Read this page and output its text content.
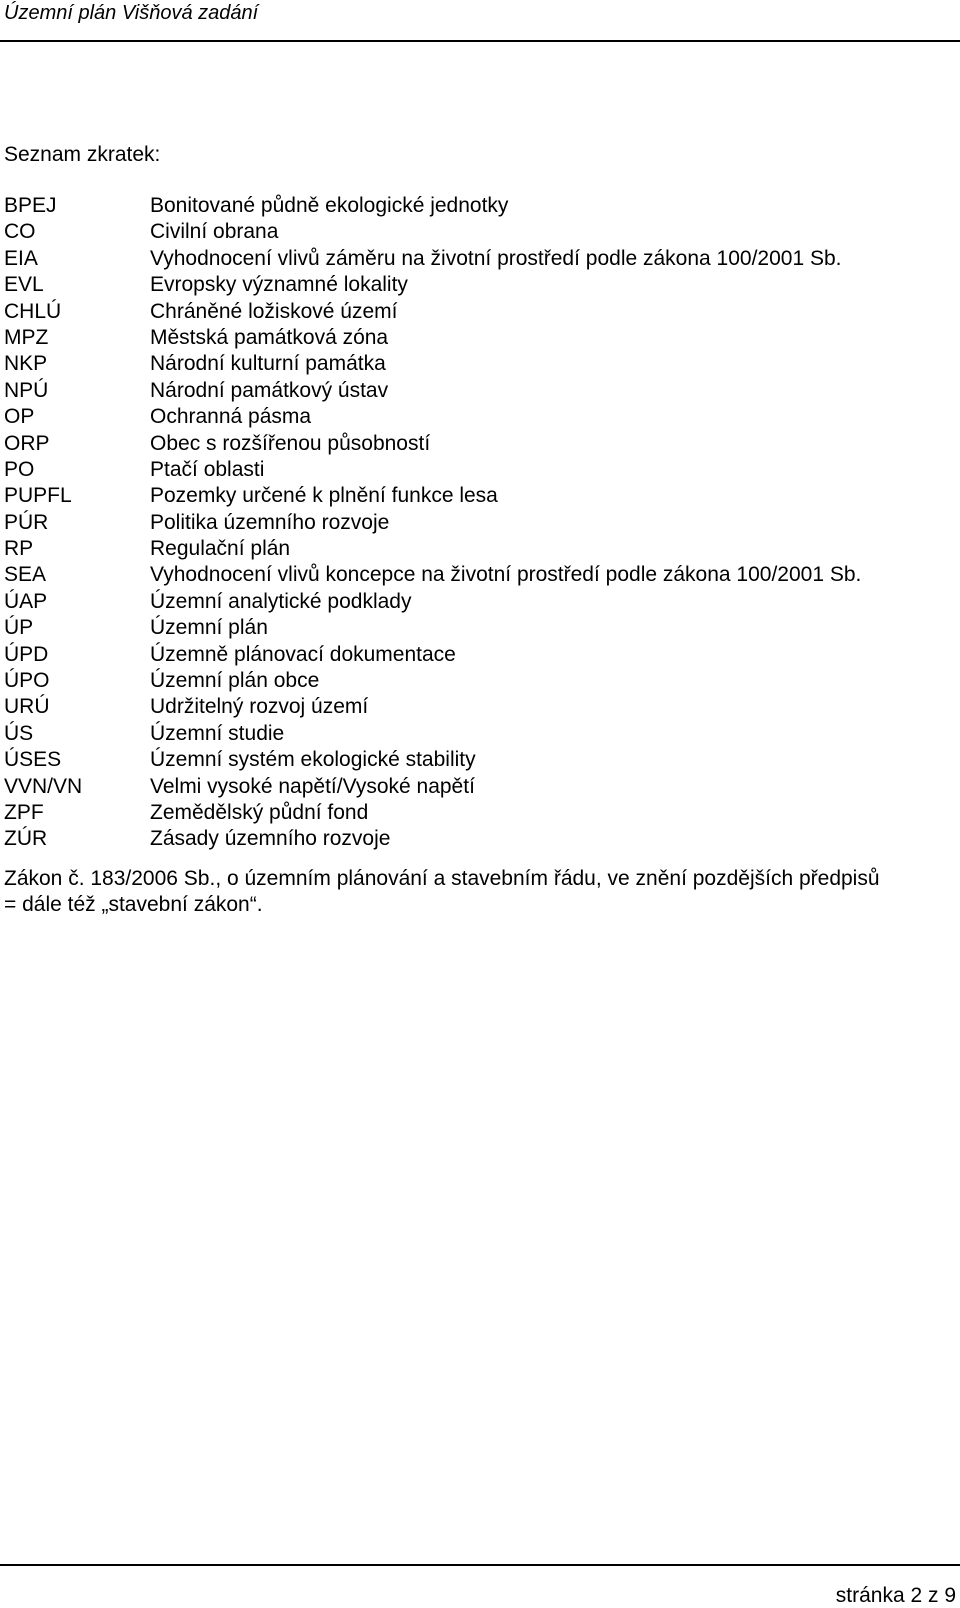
Územní plán Višňová zadání
Seznam zkratek:
BPEJ	Bonitované půdně ekologické jednotky
CO	Civilní obrana
EIA	Vyhodnocení vlivů záměru na životní prostředí podle zákona 100/2001 Sb.
EVL	Evropsky významné lokality
CHLÚ	Chráněné ložiskové území
MPZ	Městská památková zóna
NKP	Národní kulturní památka
NPÚ	Národní památkový ústav
OP	Ochranná pásma
ORP	Obec s rozšířenou působností
PO	Ptačí oblasti
PUPFL	Pozemky určené k plnění funkce lesa
PÚR	Politika územního rozvoje
RP	Regulační plán
SEA	Vyhodnocení vlivů koncepce na životní prostředí podle zákona 100/2001 Sb.
ÚAP	Územní analytické podklady
ÚP	Územní plán
ÚPD	Územně plánovací dokumentace
ÚPO	Územní plán obce
URÚ	Udržitelný rozvoj území
ÚS	Územní studie
ÚSES	Územní systém ekologické stability
VVN/VN	Velmi vysoké napětí/Vysoké napětí
ZPF	Zemědělský půdní fond
ZÚR	Zásady územního rozvoje
Zákon č. 183/2006 Sb., o územním plánování a stavebním řádu, ve znění pozdějších předpisů
= dále též „stavební zákon“.
stránka 2 z 9
